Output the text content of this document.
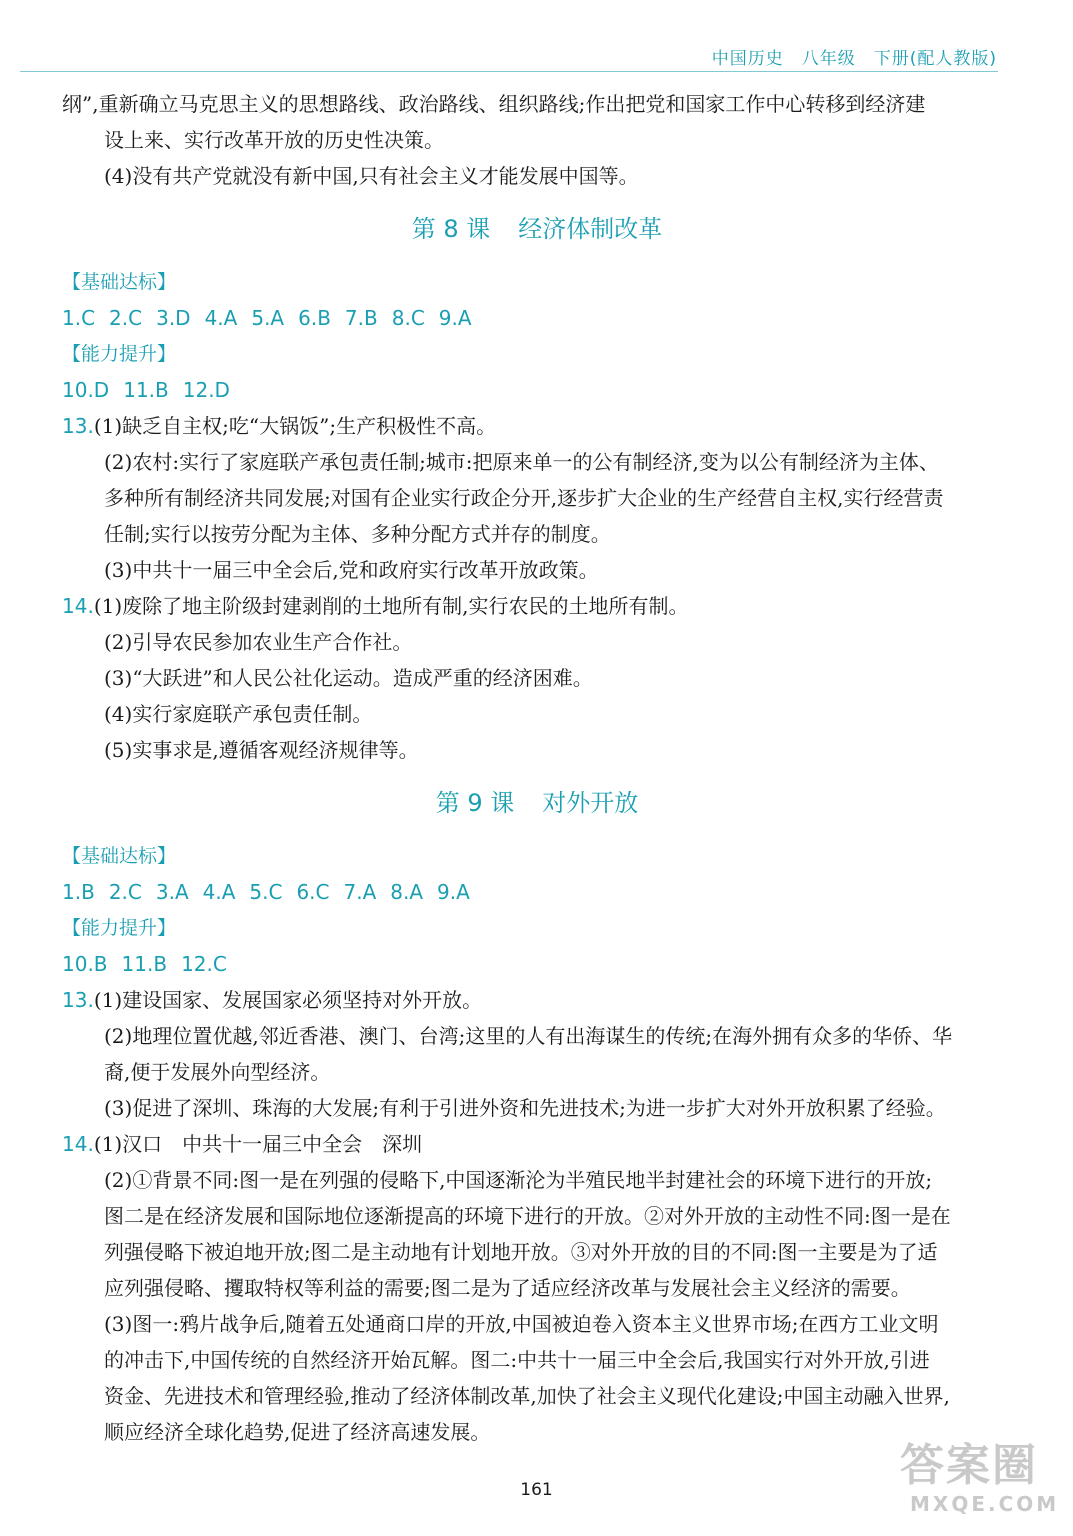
中国历史　八年级　下册(配人教版)
纲”,重新确立马克思主义的思想路线、政治路线、组织路线;作出把党和国家工作中心转移到经济建
设上来、实行改革开放的历史性决策。
(4)没有共产党就没有新中国,只有社会主义才能发展中国等。
第 8 课 经济体制改革
【基础达标】
1.C 2.C 3.D 4.A 5.A 6.B 7.B 8.C 9.A
【能力提升】
10.D 11.B 12.D
13.(1)缺乏自主权;吃“大锅饭”;生产积极性不高。
(2)农村:实行了家庭联产承包责任制;城市:把原来单一的公有制经济,变为以公有制经济为主体、
多种所有制经济共同发展;对国有企业实行政企分开,逐步扩大企业的生产经营自主权,实行经营责
任制;实行以按劳分配为主体、多种分配方式并存的制度。
(3)中共十一届三中全会后,党和政府实行改革开放政策。
14.(1)废除了地主阶级封建剥削的土地所有制,实行农民的土地所有制。
(2)引导农民参加农业生产合作社。
(3)“大跃进”和人民公社化运动。造成严重的经济困难。
(4)实行家庭联产承包责任制。
(5)实事求是,遵循客观经济规律等。
第 9 课 对外开放
【基础达标】
1.B 2.C 3.A 4.A 5.C 6.C 7.A 8.A 9.A
【能力提升】
10.B 11.B 12.C
13.(1)建设国家、发展国家必须坚持对外开放。
(2)地理位置优越,邻近香港、澳门、台湾;这里的人有出海谋生的传统;在海外拥有众多的华侨、华
裔,便于发展外向型经济。
(3)促进了深圳、珠海的大发展;有利于引进外资和先进技术;为进一步扩大对外开放积累了经验。
14.(1)汉口　中共十一届三中全会　深圳
(2)①背景不同:图一是在列强的侵略下,中国逐渐沦为半殖民地半封建社会的环境下进行的开放;
图二是在经济发展和国际地位逐渐提高的环境下进行的开放。②对外开放的主动性不同:图一是在
列强侵略下被迫地开放;图二是主动地有计划地开放。③对外开放的目的不同:图一主要是为了适
应列强侵略、攫取特权等利益的需要;图二是为了适应经济改革与发展社会主义经济的需要。
(3)图一:鸦片战争后,随着五处通商口岸的开放,中国被迫卷入资本主义世界市场;在西方工业文明
的冲击下,中国传统的自然经济开始瓦解。图二:中共十一届三中全会后,我国实行对外开放,引进
资金、先进技术和管理经验,推动了经济体制改革,加快了社会主义现代化建设;中国主动融入世界,
顺应经济全球化趋势,促进了经济高速发展。
161	答案圈
MXQE.COM
